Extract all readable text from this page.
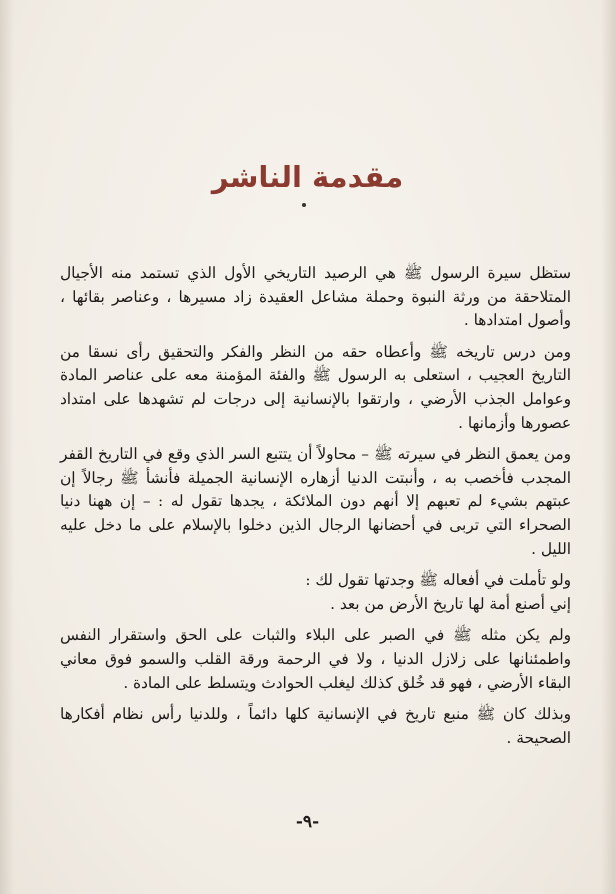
مقدمة الناشر

ستظل سيرة الرسول ﷺ هي الرصيد التاريخي الأول الذي تستمد منه الأجيال المتلاحقة من ورثة النبوة وحملة مشاعل العقيدة زاد مسيرها ، وعناصر بقائها ، وأصول امتدادها .

ومن درس تاريخه ﷺ وأعطاه حقه من النظر والفكر والتحقيق رأى نسقا من التاريخ العجيب ، استعلى به الرسول ﷺ والفئة المؤمنة معه على عناصر المادة وعوامل الجذب الأرضي ، وارتقوا بالإنسانية إلى درجات لم تشهدها على امتداد عصورها وأزمانها .

ومن يعمق النظر في سيرته ﷺ – محاولاً أن يتتبع السر الذي وقع في التاريخ القفر المجدب فأخصب به ، وأنبتت الدنيا أزهاره الإنسانية الجميلة فأنشأ ﷺ رجالاً إن عبتهم بشيء لم تعبهم إلا أنهم دون الملائكة ، يجدها تقول له : – إن ههنا دنيا الصحراء التي تربى في أحضانها الرجال الذين دخلوا بالإسلام على ما دخل عليه الليل .

ولو تأملت في أفعاله ﷺ وجدتها تقول لك :

إني أصنع أمة لها تاريخ الأرض من بعد .

ولم يكن مثله ﷺ في الصبر على البلاء والثبات على الحق واستقرار النفس واطمئنانها على زلازل الدنيا ، ولا في الرحمة ورقة القلب والسمو فوق معاني البقاء الأرضي ، فهو قد خُلق كذلك ليغلب الحوادث ويتسلط على المادة .

وبذلك كان ﷺ منبع تاريخ في الإنسانية كلها دائماً ، وللدنيا رأس نظام أفكارها الصحيحة .

-٩-
